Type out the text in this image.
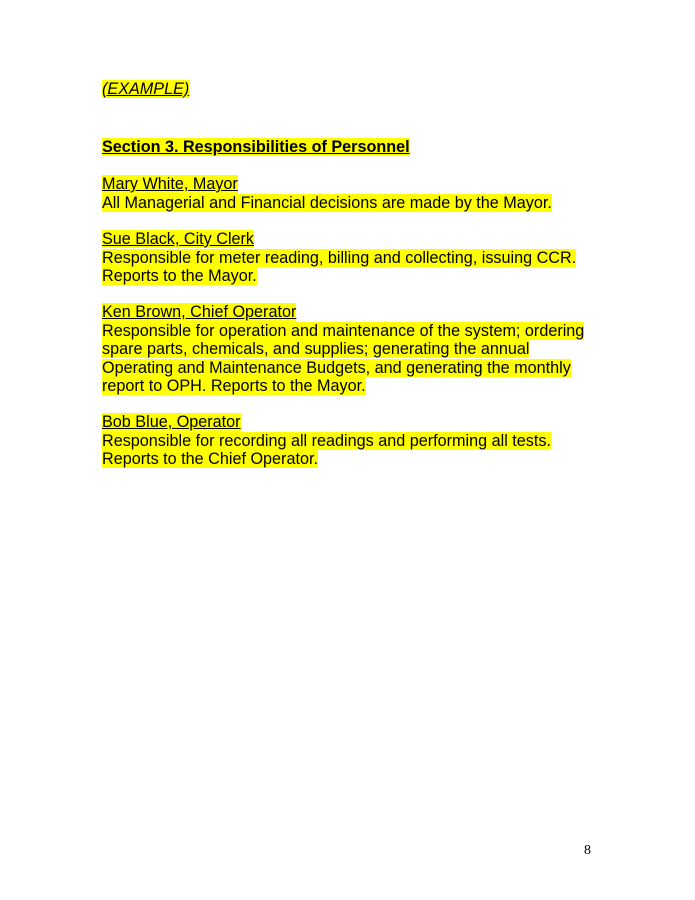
(EXAMPLE)

Section 3. Responsibilities of Personnel

Mary White, Mayor

All Managerial and Financial decisions are made by the Mayor.

Sue Black, City Clerk

Responsible for meter reading, billing and collecting, issuing CCR. Reports to the Mayor.

Ken Brown, Chief Operator

Responsible for operation and maintenance of the system; ordering spare parts, chemicals, and supplies; generating the annual Operating and Maintenance Budgets, and generating the monthly report to OPH. Reports to the Mayor.

Bob Blue, Operator

Responsible for recording all readings and performing all tests. Reports to the Chief Operator.

8
